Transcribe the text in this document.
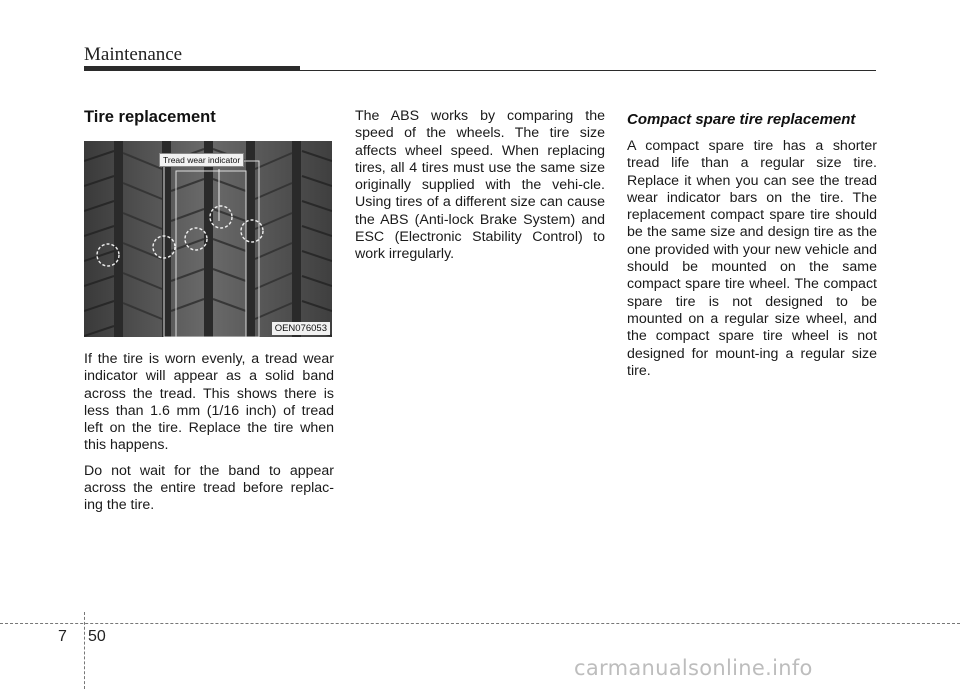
Maintenance
Tire replacement
Tread wear indicator
OEN076053

If the tire is worn evenly, a tread wear indicator will appear as a solid band across the tread. This shows there is less than 1.6 mm (1/16 inch) of tread left on the tire. Replace the tire when this happens.

Do not wait for the band to appear across the entire tread before replac-ing the tire.

The ABS works by comparing the speed of the wheels. The tire size affects wheel speed. When replacing tires, all 4 tires must use the same size originally supplied with the vehi-cle. Using tires of a different size can cause the ABS (Anti-lock Brake System) and ESC (Electronic Stability Control) to work irregularly.

Compact spare tire replacement

A compact spare tire has a shorter tread life than a regular size tire. Replace it when you can see the tread wear indicator bars on the tire. The replacement compact spare tire should be the same size and design tire as the one provided with your new vehicle and should be mounted on the same compact spare tire wheel. The compact spare tire is not designed to be mounted on a regular size wheel, and the compact spare tire wheel is not designed for mount-ing a regular size tire.

7 50
carmanualsonline.info
